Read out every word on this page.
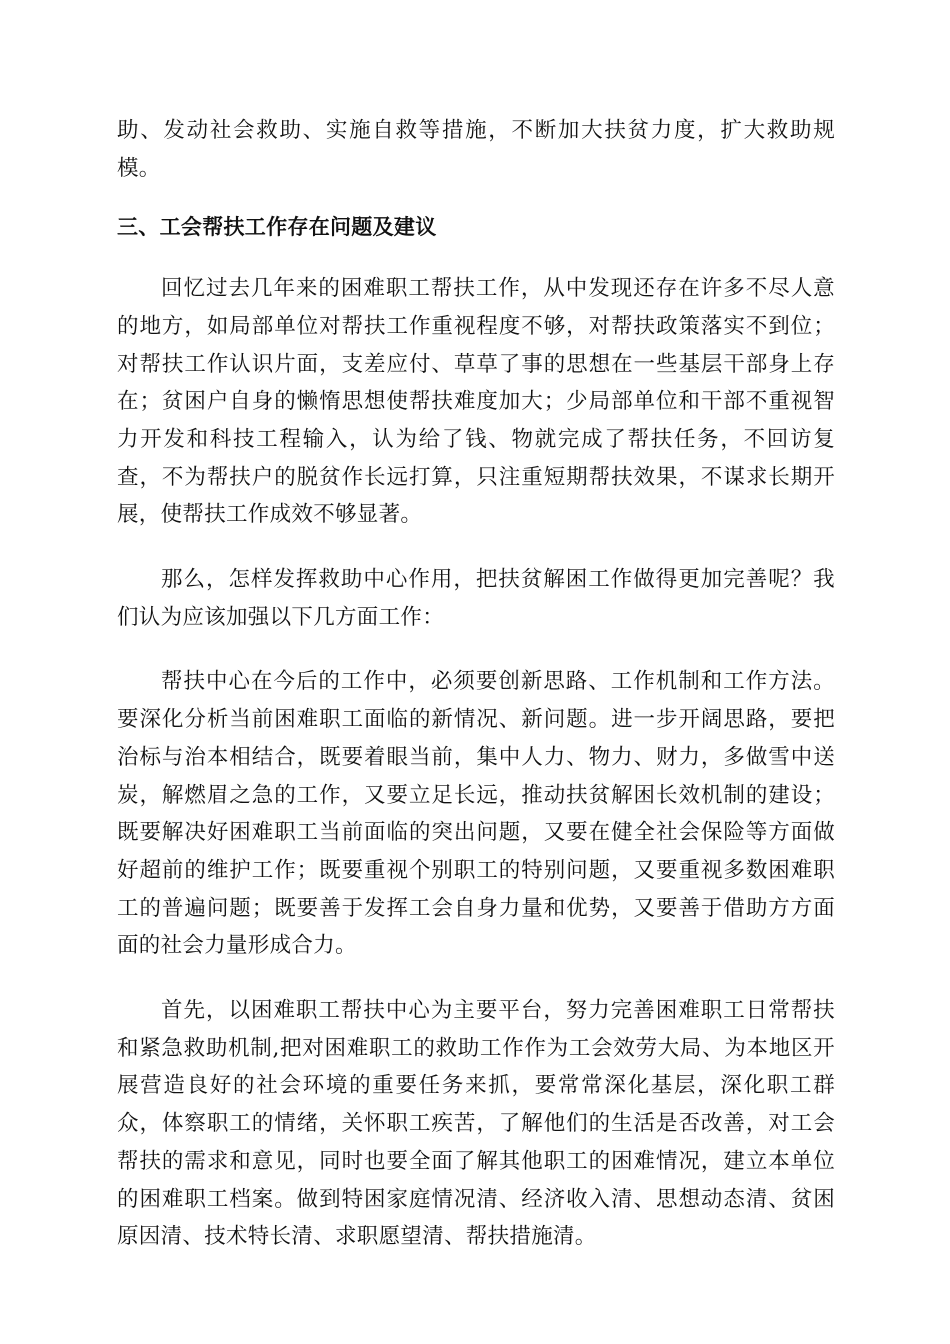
助、发动社会救助、实施自救等措施，不断加大扶贫力度，扩大救助规模。

三、工会帮扶工作存在问题及建议

回忆过去几年来的困难职工帮扶工作，从中发现还存在许多不尽人意的地方，如局部单位对帮扶工作重视程度不够，对帮扶政策落实不到位；对帮扶工作认识片面，支差应付、草草了事的思想在一些基层干部身上存在；贫困户自身的懒惰思想使帮扶难度加大；少局部单位和干部不重视智力开发和科技工程输入，认为给了钱、物就完成了帮扶任务，不回访复查，不为帮扶户的脱贫作长远打算，只注重短期帮扶效果，不谋求长期开展，使帮扶工作成效不够显著。

那么，怎样发挥救助中心作用，把扶贫解困工作做得更加完善呢？我们认为应该加强以下几方面工作：

帮扶中心在今后的工作中，必须要创新思路、工作机制和工作方法。要深化分析当前困难职工面临的新情况、新问题。进一步开阔思路，要把治标与治本相结合，既要着眼当前，集中人力、物力、财力，多做雪中送炭，解燃眉之急的工作，又要立足长远，推动扶贫解困长效机制的建设；既要解决好困难职工当前面临的突出问题，又要在健全社会保险等方面做好超前的维护工作；既要重视个别职工的特别问题，又要重视多数困难职工的普遍问题；既要善于发挥工会自身力量和优势，又要善于借助方方面面的社会力量形成合力。

首先，以困难职工帮扶中心为主要平台，努力完善困难职工日常帮扶和紧急救助机制,把对困难职工的救助工作作为工会效劳大局、为本地区开展营造良好的社会环境的重要任务来抓，要常常深化基层，深化职工群众，体察职工的情绪，关怀职工疾苦，了解他们的生活是否改善，对工会帮扶的需求和意见，同时也要全面了解其他职工的困难情况，建立本单位的困难职工档案。做到特困家庭情况清、经济收入清、思想动态清、贫困原因清、技术特长清、求职愿望清、帮扶措施清。
